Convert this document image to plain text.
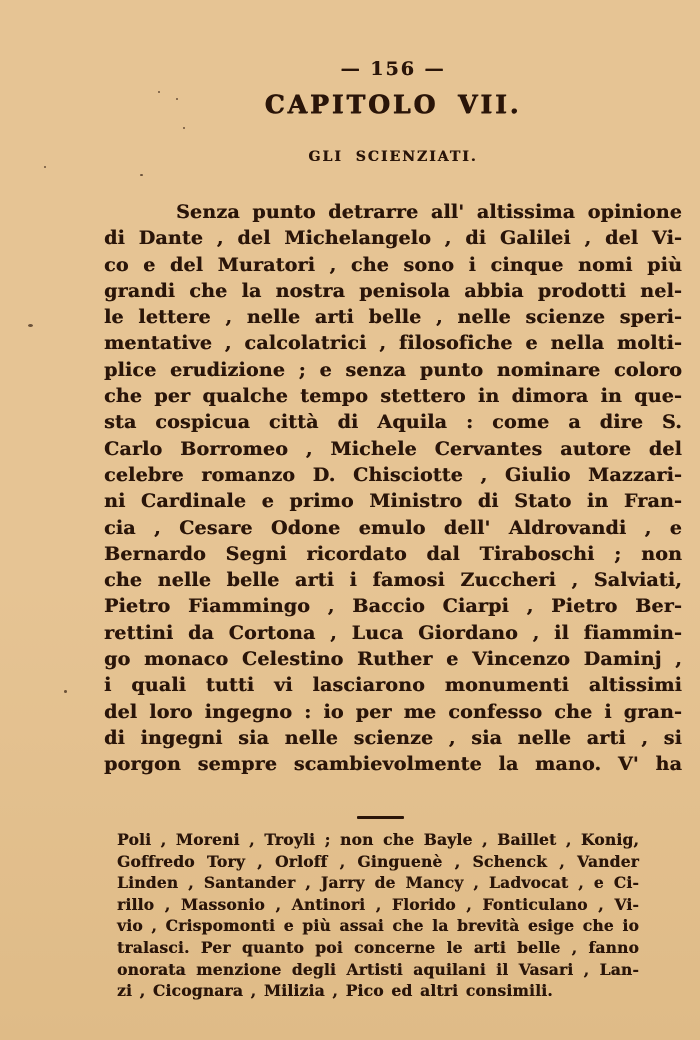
— 156 —
CAPITOLO VII.
GLI SCIENZIATI.
Senza punto detrarre all' altissima opinione
di Dante , del Michelangelo , di Galilei , del Vi-
co e del Muratori , che sono i cinque nomi più
grandi che la nostra penisola abbia prodotti nel-
le lettere , nelle arti belle , nelle scienze speri-
mentative , calcolatrici , filosofiche e nella molti-
plice erudizione ; e senza punto nominare coloro
che per qualche tempo stettero in dimora in que-
sta cospicua città di Aquila : come a dire S.
Carlo Borromeo , Michele Cervantes autore del
celebre romanzo D. Chisciotte , Giulio Mazzari-
ni Cardinale e primo Ministro di Stato in Fran-
cia , Cesare Odone emulo dell' Aldrovandi , e
Bernardo Segni ricordato dal Tiraboschi ; non
che nelle belle arti i famosi Zuccheri , Salviati,
Pietro Fiammingo , Baccio Ciarpi , Pietro Ber-
rettini da Cortona , Luca Giordano , il fiammin-
go monaco Celestino Ruther e Vincenzo Daminj ,
i quali tutti vi lasciarono monumenti altissimi
del loro ingegno : io per me confesso che i gran-
di ingegni sia nelle scienze , sia nelle arti , si
porgon sempre scambievolmente la mano. V' ha
Poli , Moreni , Troyli ; non che Bayle , Baillet , Konig,
Goffredo Tory , Orloff , Ginguenè , Schenck , Vander
Linden , Santander , Jarry de Mancy , Ladvocat , e Ci-
rillo , Massonio , Antinori , Florido , Fonticulano , Vi-
vio , Crispomonti e più assai che la brevità esige che io
tralasci. Per quanto poi concerne le arti belle , fanno
onorata menzione degli Artisti aquilani il Vasari , Lan-
zi , Cicognara , Milizia , Pico ed altri consimili.
